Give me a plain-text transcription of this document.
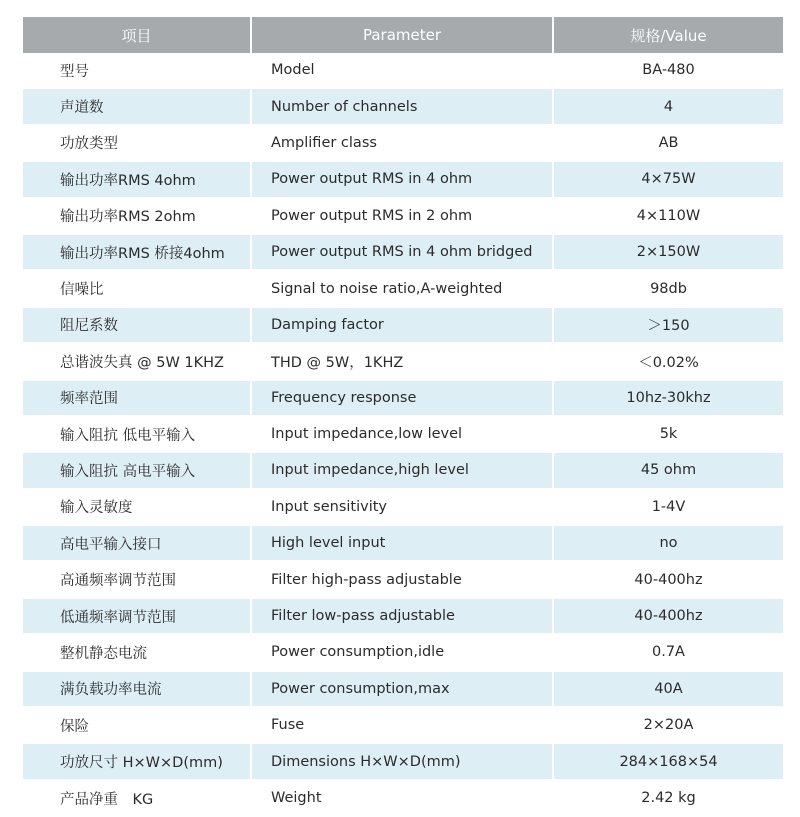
项目	Parameter	规格/Value
型号	Model	BA-480
声道数	Number of channels	4
功放类型	Amplifier class	AB
输出功率RMS 4ohm	Power output RMS in 4 ohm	4×75W
输出功率RMS 2ohm	Power output RMS in 2 ohm	4×110W
输出功率RMS 桥接4ohm	Power output RMS in 4 ohm bridged	2×150W
信噪比	Signal to noise ratio,A-weighted	98db
阻尼系数	Damping factor	＞150
总谐波失真 @ 5W 1KHZ	THD @ 5W，1KHZ	＜0.02%
频率范围	Frequency response	10hz-30khz
输入阻抗 低电平输入	Input impedance,low level	5k
输入阻抗 高电平输入	Input impedance,high level	45 ohm
输入灵敏度	Input sensitivity	1-4V
高电平输入接口	High level input	no
高通频率调节范围	Filter high-pass adjustable	40-400hz
低通频率调节范围	Filter low-pass adjustable	40-400hz
整机静态电流	Power consumption,idle	0.7A
满负载功率电流	Power consumption,max	40A
保险	Fuse	2×20A
功放尺寸 H×W×D(mm)	Dimensions H×W×D(mm)	284×168×54
产品净重　KG	Weight	2.42 kg
